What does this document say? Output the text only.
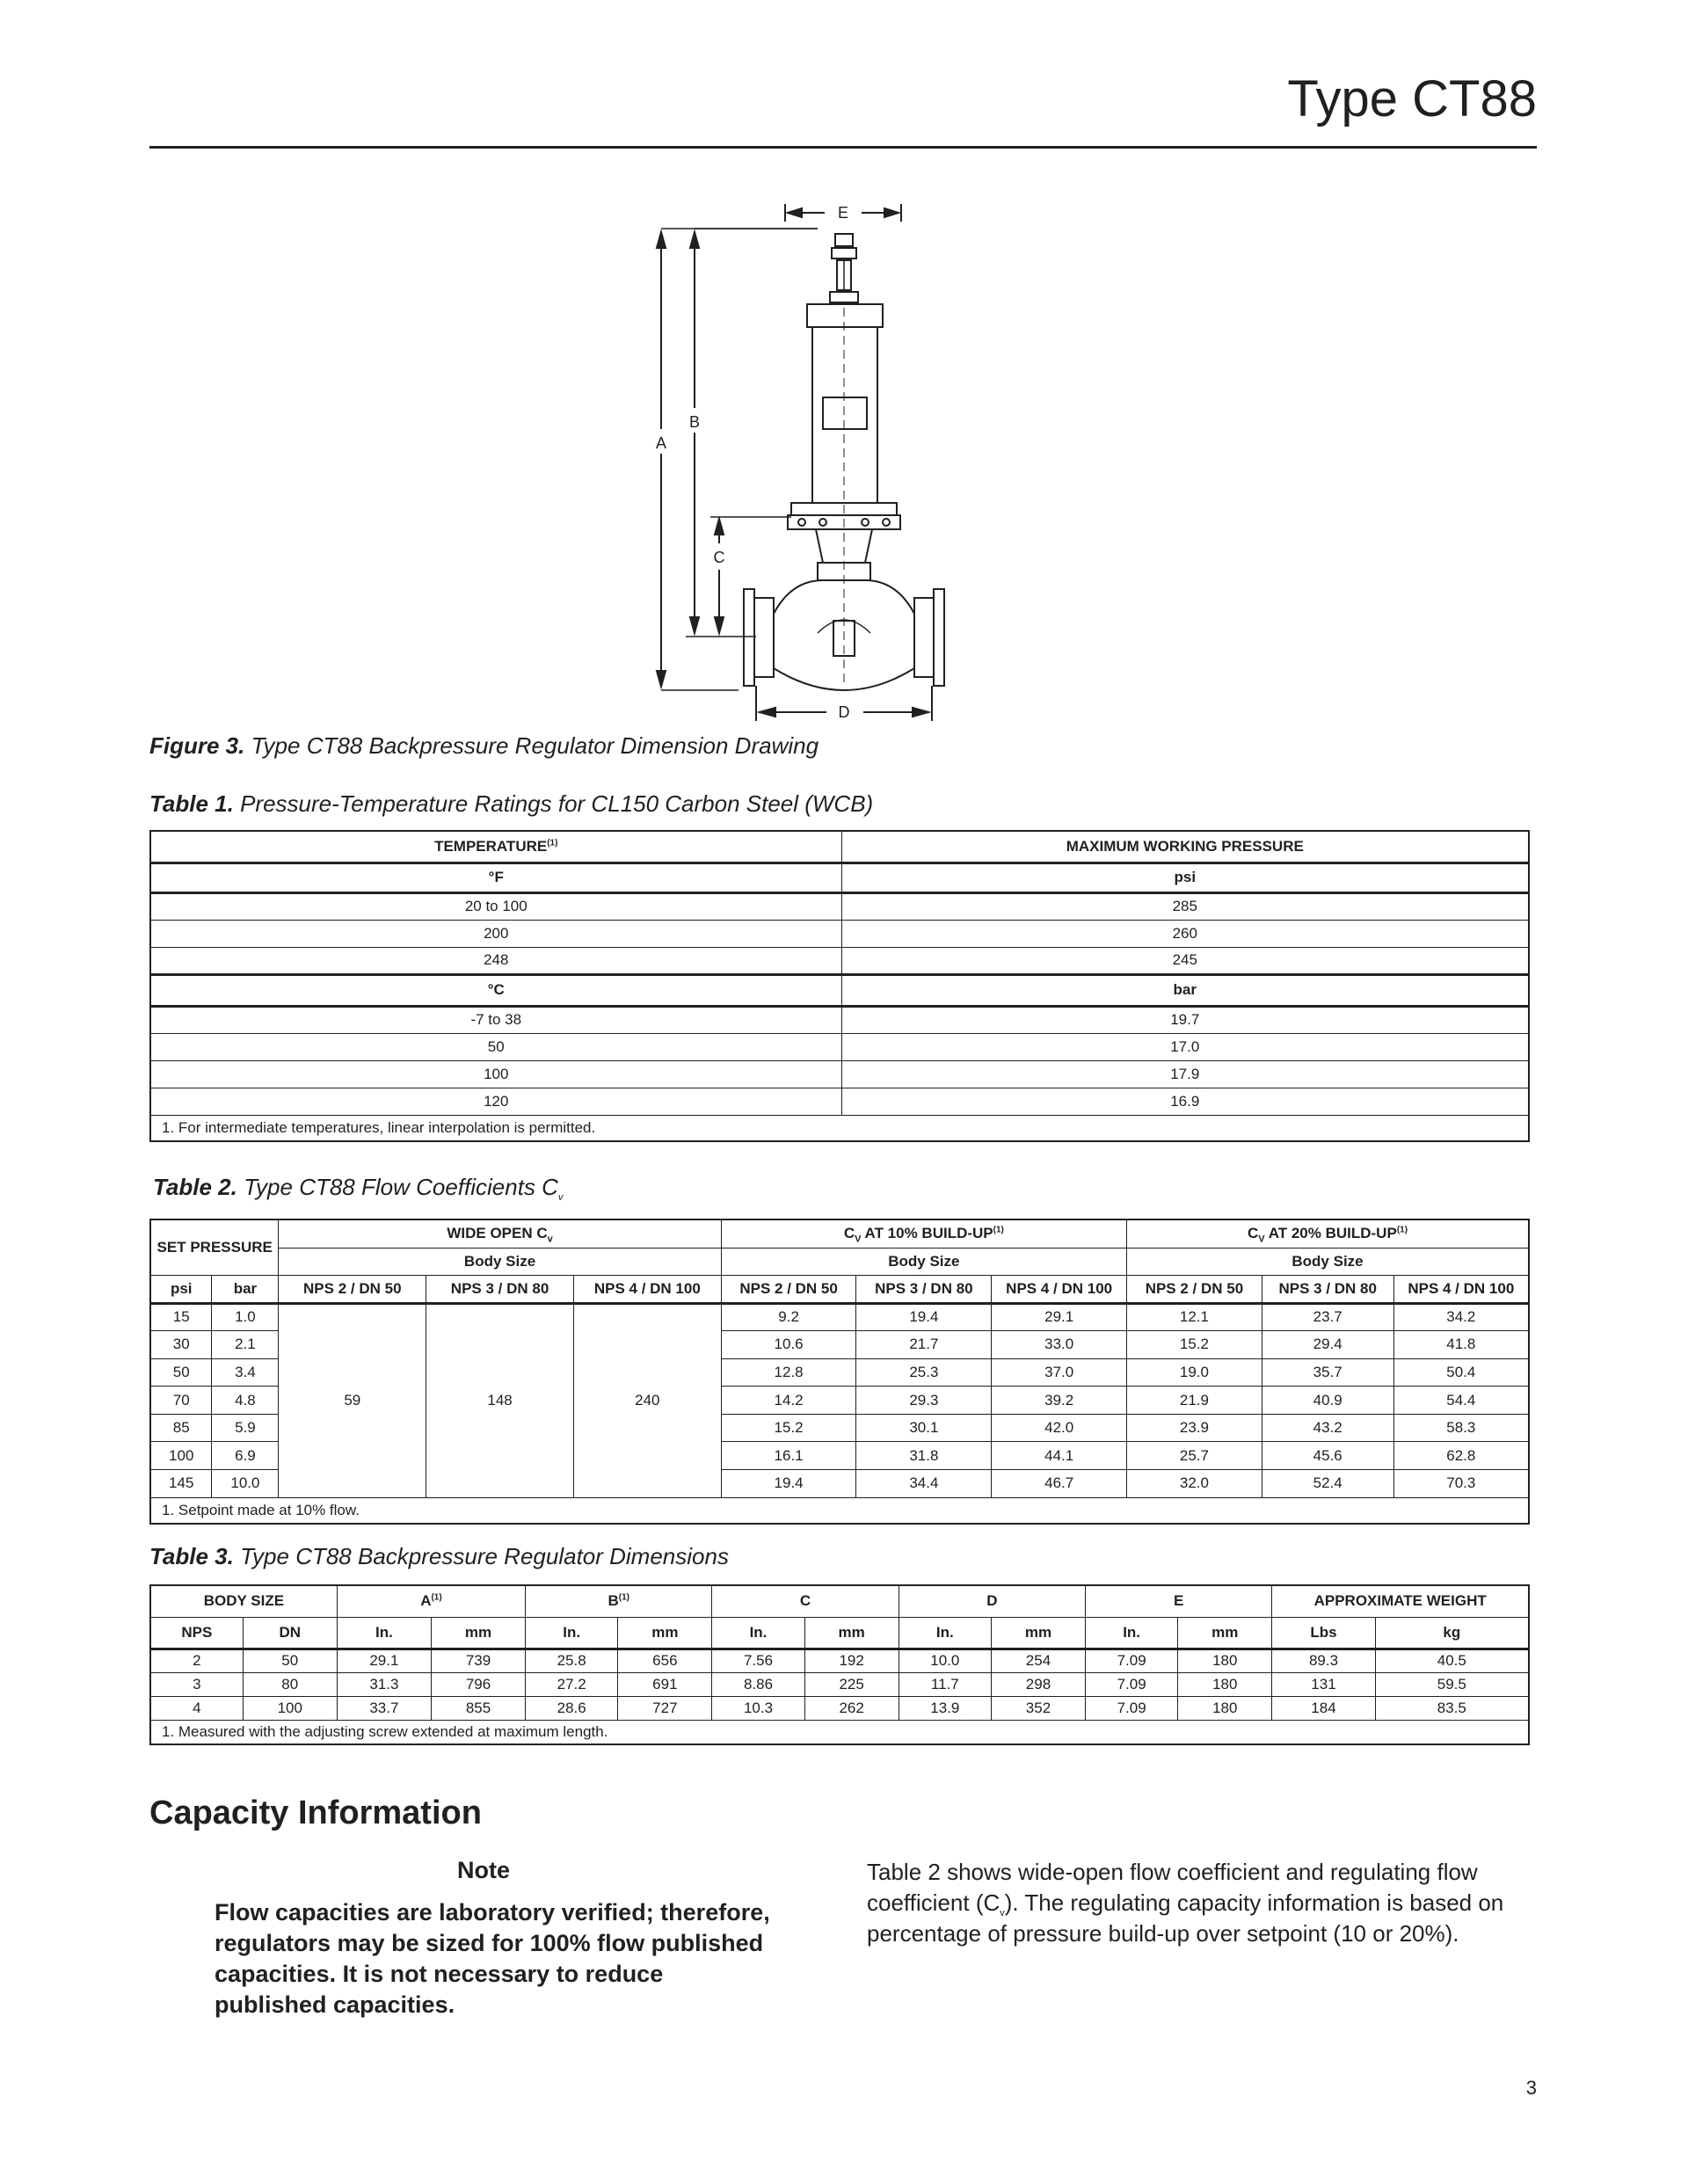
Type CT88
E
A
B
C
D
Figure 3. Type CT88 Backpressure Regulator Dimension Drawing
Table 1. Pressure-Temperature Ratings for CL150 Carbon Steel (WCB)
TEMPERATURE$^{(1)}$	MAXIMUM WORKING PRESSURE
°F	psi
20 to 100	285
200	260
248	245
°C	bar
-7 to 38	19.7
50	17.0
100	17.9
120	16.9
1. For intermediate temperatures, linear interpolation is permitted.	
Table 2. Type CT88 Flow Coefficients $C_v$
SET PRESSURE		WIDE OPEN $C_v$			$C_V$ AT 10% BUILD-UP$^{(1)}$			$C_V$ AT 20% BUILD-UP$^{(1)}$
		Body Size			Body Size			Body Size		
psi	bar	NPS 2 / DN 50	NPS 3 / DN 80	NPS 4 / DN 100	NPS 2 / DN 50	NPS 3 / DN 80	NPS 4 / DN 100	NPS 2 / DN 50	NPS 3 / DN 80	NPS 4 / DN 100
15	1.0	59	148	240	9.2	19.4	29.1	12.1	23.7	34.2
30	2.1				10.6	21.7	33.0	15.2	29.4	41.8
50	3.4				12.8	25.3	37.0	19.0	35.7	50.4
70	4.8				14.2	29.3	39.2	21.9	40.9	54.4
85	5.9				15.2	30.1	42.0	23.9	43.2	58.3
100	6.9				16.1	31.8	44.1	25.7	45.6	62.8
145	10.0				19.4	34.4	46.7	32.0	52.4	70.3
1. Setpoint made at 10% flow.										
Table 3. Type CT88 Backpressure Regulator Dimensions
BODY SIZE		$A^{(1)}$		$B^{(1)}$		C		D		E		APPROXIMATE WEIGHT	
NPS	DN	In.	mm	In.	mm	In.	mm	In.	mm	In.	mm	Lbs	kg
2	50	29.1	739	25.8	656	7.56	192	10.0	254	7.09	180	89.3	40.5
3	80	31.3	796	27.2	691	8.86	225	11.7	298	7.09	180	131	59.5
4	100	33.7	855	28.6	727	10.3	262	13.9	352	7.09	180	184	83.5
1. Measured with the adjusting screw extended at maximum length.													
Capacity Information
Note
Flow capacities are laboratory verified; therefore, regulators may be sized for 100% flow published capacities. It is not necessary to reduce published capacities.
Table 2 shows wide-open flow coefficient and regulating flow coefficient $(C_v)$. The regulating capacity information is based on percentage of pressure build-up over setpoint (10 or 20%).
3
